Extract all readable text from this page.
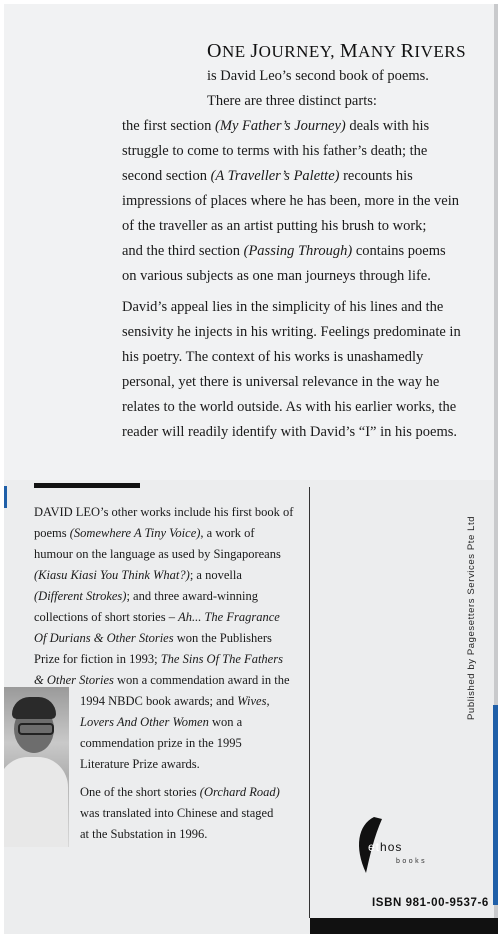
ONE JOURNEY, MANY RIVERS
is David Leo’s second book of poems.
There are three distinct parts:
the first section (My Father’s Journey) deals with his
struggle to come to terms with his father’s death; the
second section (A Traveller’s Palette) recounts his
impressions of places where he has been, more in the vein
of the traveller as an artist putting his brush to work;
and the third section (Passing Through) contains poems
on various subjects as one man journeys through life.
David’s appeal lies in the simplicity of his lines and the
sensivity he injects in his writing. Feelings predominate in
his poetry. The context of his works is unashamedly
personal, yet there is universal relevance in the way he
relates to the world outside. As with his earlier works, the
reader will readily identify with David’s “I” in his poems.
DAVID LEO’s other works include his first book of
poems (Somewhere A Tiny Voice), a work of
humour on the language as used by Singaporeans
(Kiasu Kiasi You Think What?); a novella
(Different Strokes); and three award-winning
collections of short stories – Ah... The Fragrance
Of Durians & Other Stories won the Publishers
Prize for fiction in 1993; The Sins Of The Fathers
& Other Stories won a commendation award in the
1994 NBDC book awards; and Wives,
Lovers And Other Women won a
commendation prize in the 1995
Literature Prize awards.
One of the short stories (Orchard Road)
was translated into Chinese and staged
at the Substation in 1996.
Published by Pagesetters Services Pte Ltd
ethos
books
ISBN 981-00-9537-6
